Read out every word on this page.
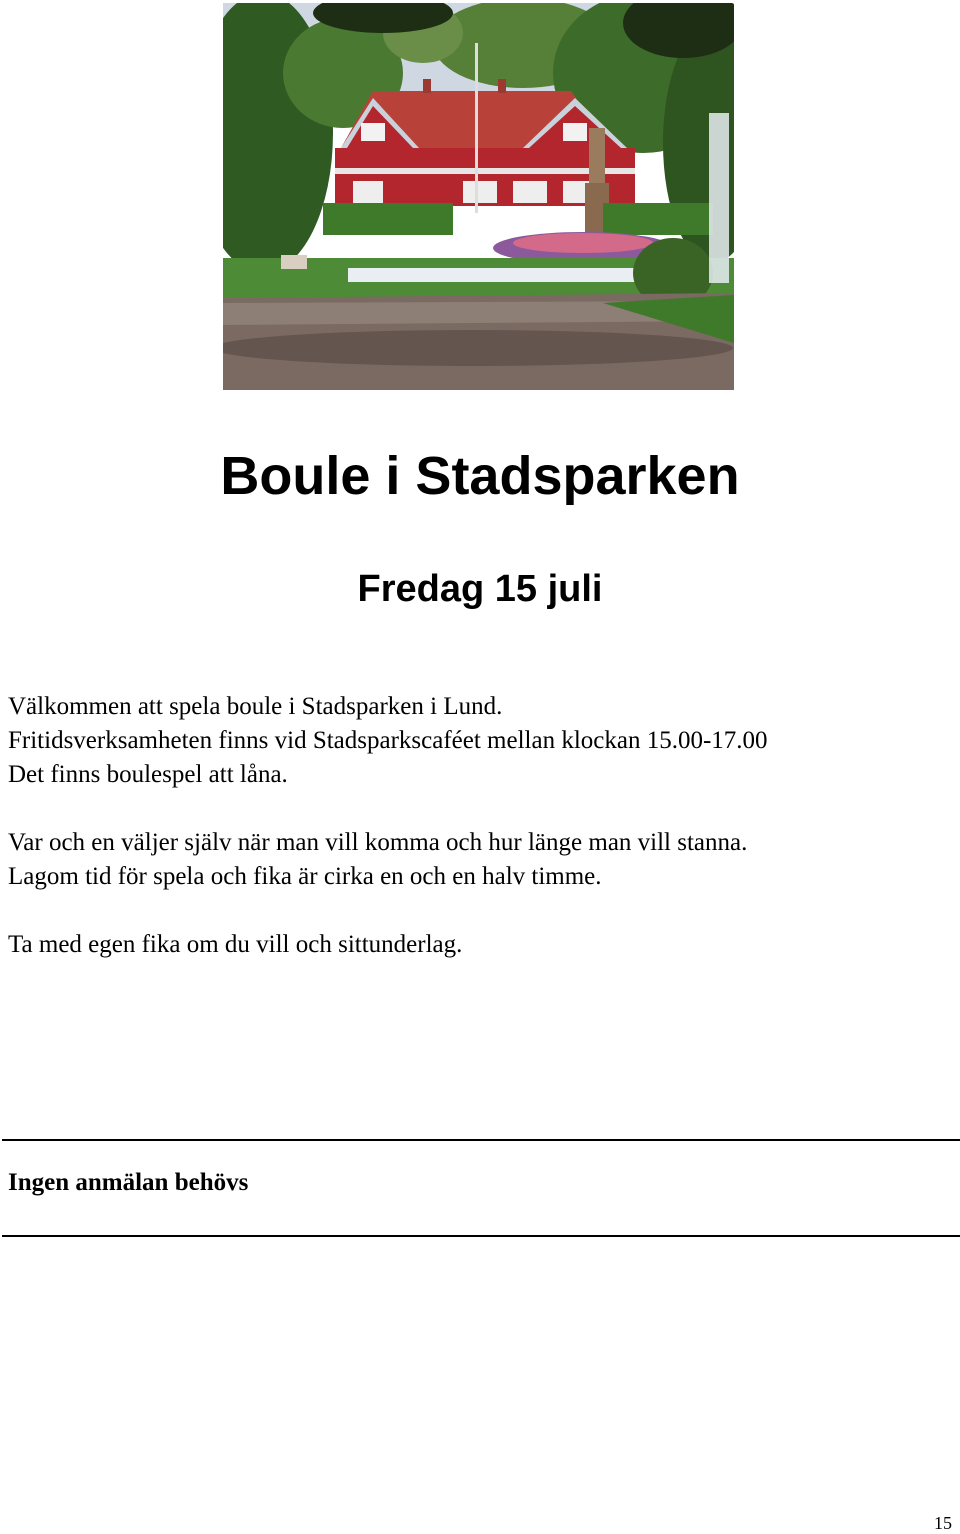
Boule i Stadsparken
Fredag 15 juli

Välkommen att spela boule i Stadsparken i Lund.
Fritidsverksamheten finns vid Stadsparkscaféet mellan klockan 15.00-17.00
Det finns boulespel att låna.

Var och en väljer själv när man vill komma och hur länge man vill stanna.
Lagom tid för spela och fika är cirka en och en halv timme.

Ta med egen fika om du vill och sittunderlag.

Ingen anmälan behövs

15
